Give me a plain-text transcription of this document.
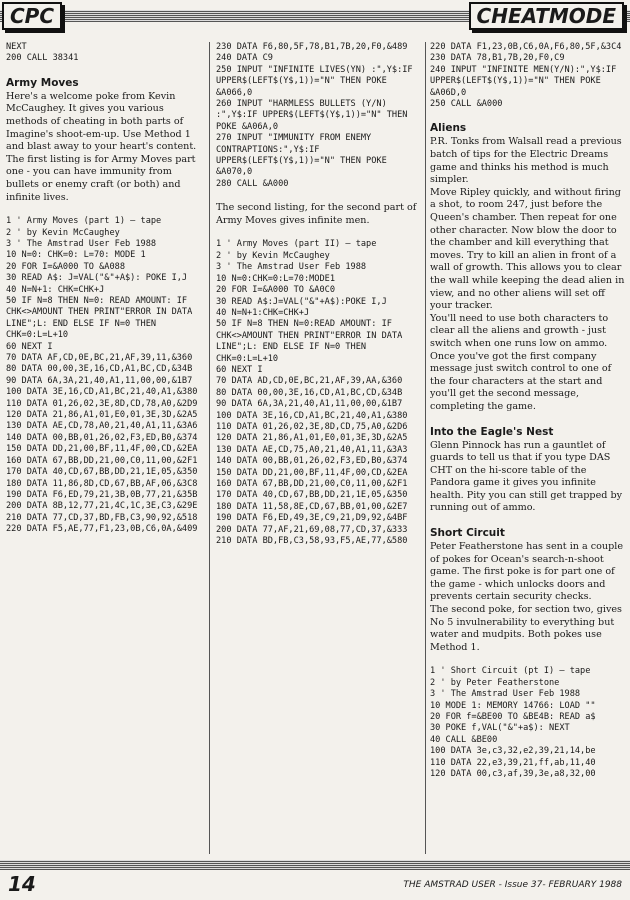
CPC	CHEATMODE
NEXT
200 CALL 38341
Army Moves

Here's a welcome poke from Kevin McCaughey. It gives you various methods of cheating in both parts of Imagine's shoot-em-up. Use Method 1 and blast away to your heart's content. The first listing is for Army Moves part one - you can have immunity from bullets or enemy craft (or both) and infinite lives.

1 ' Army Moves (part 1) — tape
2 ' by Kevin McCaughey
3 ' The Amstrad User Feb 1988
10 N=0: CHK=0: L=70: MODE 1
20 FOR I=&A000 TO &A088
30 READ A$: J=VAL("&"+A$): POKE I,J
40 N=N+1: CHK=CHK+J
50 IF N=8 THEN N=0: READ AMOUNT: IF CHK<>AMOUNT THEN PRINT"ERROR IN DATA LINE";L: END ELSE IF N=0 THEN CHK=0:L=L+10
60 NEXT I
70 DATA AF,CD,0E,BC,21,AF,39,11,&360
80 DATA 00,00,3E,16,CD,A1,BC,CD,&34B
90 DATA 6A,3A,21,40,A1,11,00,00,&1B7
100 DATA 3E,16,CD,A1,BC,21,40,A1,&380
110 DATA 01,26,02,3E,8D,CD,78,A0,&2D9
120 DATA 21,86,A1,01,E0,01,3E,3D,&2A5
130 DATA AE,CD,78,A0,21,40,A1,11,&3A6
140 DATA 00,BB,01,26,02,F3,ED,B0,&374
150 DATA DD,21,00,BF,11,4F,00,CD,&2EA
160 DATA 67,BB,DD,21,00,C0,11,00,&2F1
170 DATA 40,CD,67,BB,DD,21,1E,05,&350
180 DATA 11,86,8D,CD,67,BB,AF,06,&3C8
190 DATA F6,ED,79,21,3B,0B,77,21,&35B
200 DATA 8B,12,77,21,4C,1C,3E,C3,&29E
210 DATA 77,CD,37,BD,FB,C3,90,92,&518
220 DATA F5,AE,77,F1,23,0B,C6,0A,&409
230 DATA F6,80,5F,78,B1,7B,20,F0,&489
240 DATA C9
250 INPUT "INFINITE LIVES(YN) :",Y$:IF UPPER$(LEFT$(Y$,1))="N" THEN POKE &A066,0
260 INPUT "HARMLESS BULLETS (Y/N) :",Y$:IF UPPER$(LEFT$(Y$,1))="N" THEN POKE &A06A,0
270 INPUT "IMMUNITY FROM ENEMY CONTRAPTIONS:",Y$:IF UPPER$(LEFT$(Y$,1))="N" THEN POKE &A070,0
280 CALL &A000

The second listing, for the second part of Army Moves gives infinite men.

1 ' Army Moves (part II) — tape
2 ' by Kevin McCaughey
3 ' The Amstrad User Feb 1988
10 N=0:CHK=0:L=70:MODE1
20 FOR I=&A000 TO &A0C0
30 READ A$:J=VAL("&"+A$):POKE I,J
40 N=N+1:CHK=CHK+J
50 IF N=8 THEN N=0:READ AMOUNT: IF CHK<>AMOUNT THEN PRINT"ERROR IN DATA LINE";L: END ELSE IF N=0 THEN CHK=0:L=L+10
60 NEXT I
70 DATA AD,CD,0E,BC,21,AF,39,AA,&360
80 DATA 00,00,3E,16,CD,A1,BC,CD,&34B
90 DATA 6A,3A,21,40,A1,11,00,00,&1B7
100 DATA 3E,16,CD,A1,BC,21,40,A1,&380
110 DATA 01,26,02,3E,8D,CD,75,A0,&2D6
120 DATA 21,86,A1,01,E0,01,3E,3D,&2A5
130 DATA AE,CD,75,A0,21,40,A1,11,&3A3
140 DATA 00,BB,01,26,02,F3,ED,B0,&374
150 DATA DD,21,00,BF,11,4F,00,CD,&2EA
160 DATA 67,BB,DD,21,00,C0,11,00,&2F1
170 DATA 40,CD,67,BB,DD,21,1E,05,&350
180 DATA 11,58,8E,CD,67,BB,01,00,&2E7
190 DATA F6,ED,49,3E,C9,21,D9,92,&4BF
200 DATA 77,AF,21,69,08,77,CD,37,&333
210 DATA BD,FB,C3,58,93,F5,AE,77,&580
220 DATA F1,23,0B,C6,0A,F6,80,5F,&3C4
230 DATA 78,B1,7B,20,F0,C9
240 INPUT "INFINITE MEN(Y/N):",Y$:IF UPPER$(LEFT$(Y$,1))="N" THEN POKE &A06D,0
250 CALL &A000
Aliens

P.R. Tonks from Walsall read a previous batch of tips for the Electric Dreams game and thinks his method is much simpler.

Move Ripley quickly, and without firing a shot, to room 247, just before the Queen's chamber. Then repeat for one other character. Now blow the door to the chamber and kill everything that moves. Try to kill an alien in front of a wall of growth. This allows you to clear the wall while keeping the dead alien in view, and no other aliens will set off your tracker.

You'll need to use both characters to clear all the aliens and growth - just switch when one runs low on ammo. Once you've got the first company message just switch control to one of the four characters at the start and you'll get the second message, completing the game.

Into the Eagle's Nest

Glenn Pinnock has run a gauntlet of guards to tell us that if you type DAS CHT on the hi-score table of the Pandora game it gives you infinite health. Pity you can still get trapped by running out of ammo.

Short Circuit

Peter Featherstone has sent in a couple of pokes for Ocean's search-n-shoot game. The first poke is for part one of the game - which unlocks doors and prevents certain security checks.

The second poke, for section two, gives No 5 invulnerability to everything but water and mudpits. Both pokes use Method 1.

1 ' Short Circuit (pt I) — tape
2 ' by Peter Featherstone
3 ' The Amstrad User Feb 1988
10 MODE 1: MEMORY 14766: LOAD ""
20 FOR f=&BE00 TO &BE4B: READ a$
30 POKE f,VAL("&"+a$): NEXT
40 CALL &BE00
100 DATA 3e,c3,32,e2,39,21,14,be
110 DATA 22,e3,39,21,ff,ab,11,40
120 DATA 00,c3,af,39,3e,a8,32,00
14	THE AMSTRAD USER - Issue 37- FEBRUARY 1988
